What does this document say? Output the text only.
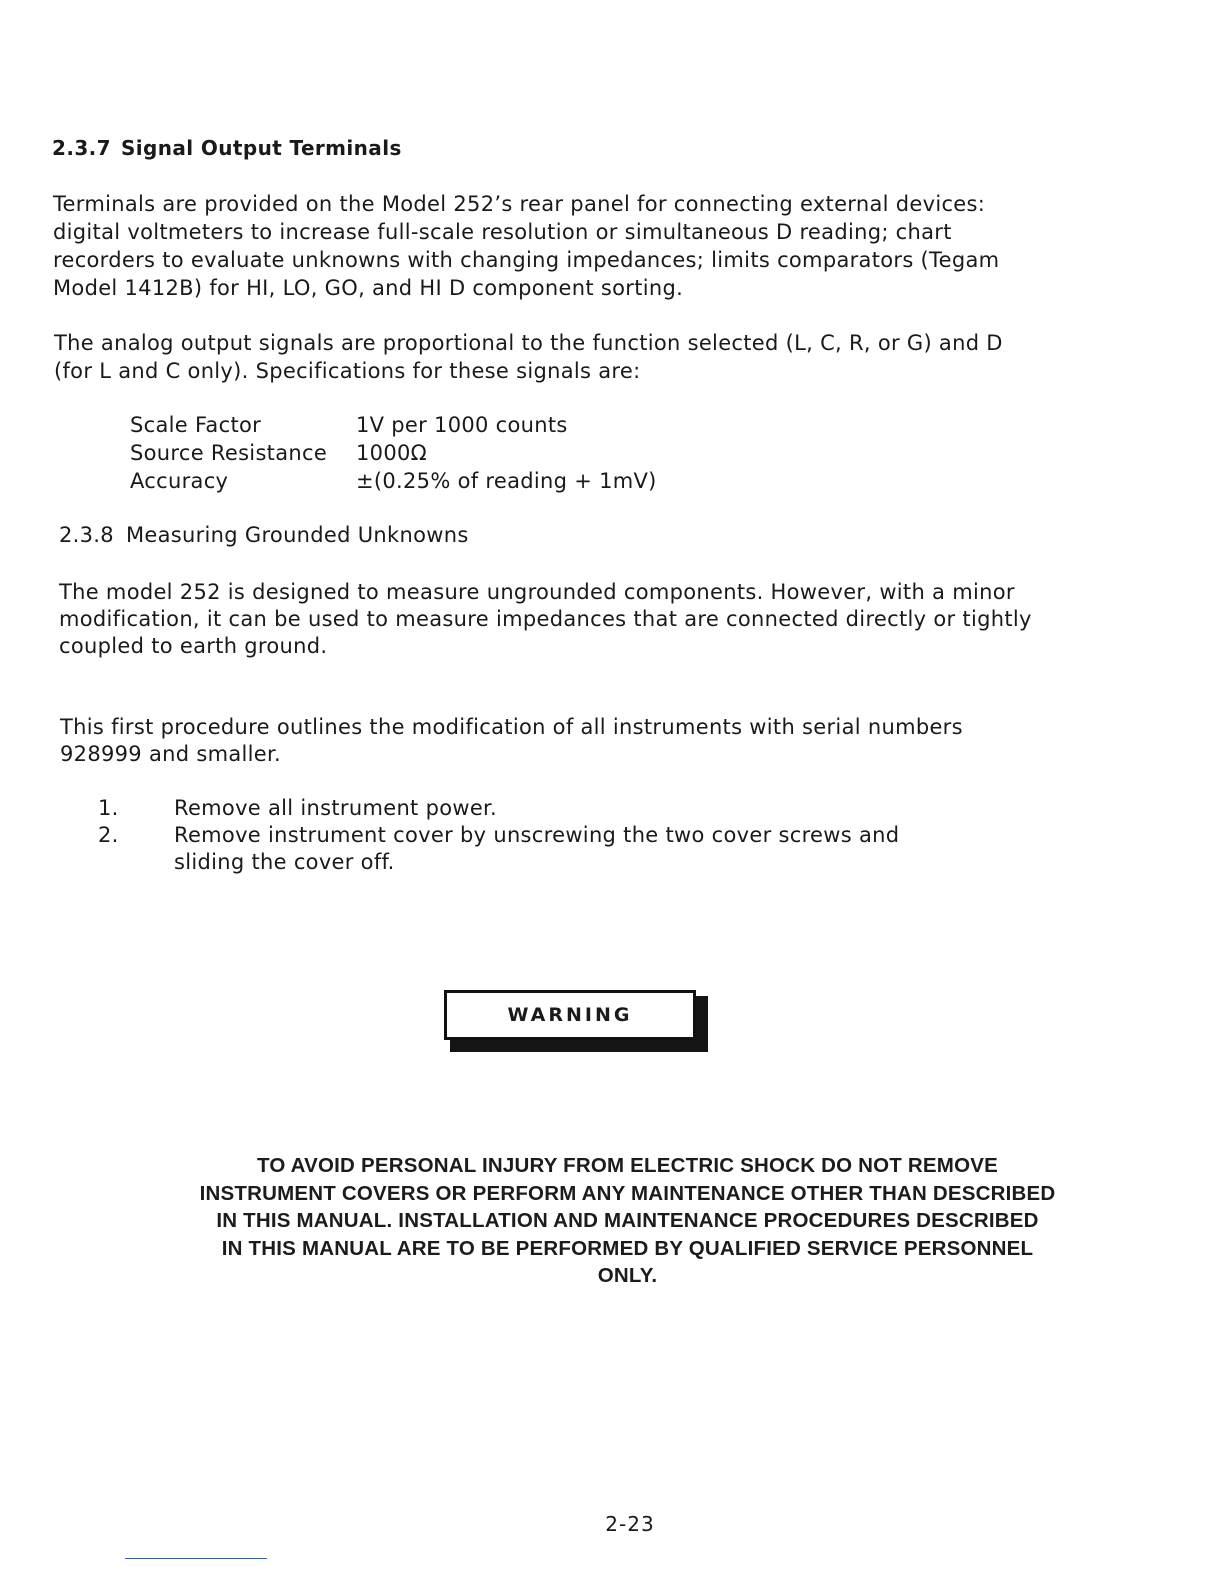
2.3.7 Signal Output Terminals
Terminals are provided on the Model 252’s rear panel for connecting external devices:
digital voltmeters to increase full-scale resolution or simultaneous D reading; chart
recorders to evaluate unknowns with changing impedances; limits comparators (Tegam
Model 1412B) for HI, LO, GO, and HI D component sorting.
The analog output signals are proportional to the function selected (L, C, R, or G) and D
(for L and C only). Specifications for these signals are:
Scale Factor	1V per 1000 counts
Source Resistance 1000Ω
Accuracy	±(0.25% of reading + 1mV)
2.3.8 Measuring Grounded Unknowns
The model 252 is designed to measure ungrounded components. However, with a minor
modification, it can be used to measure impedances that are connected directly or tightly
coupled to earth ground.
This first procedure outlines the modification of all instruments with serial numbers
928999 and smaller.
1.	Remove all instrument power.
2.	Remove instrument cover by unscrewing the two cover screws and
sliding the cover off.
WARNING
TO AVOID PERSONAL INJURY FROM ELECTRIC SHOCK DO NOT REMOVE
INSTRUMENT COVERS OR PERFORM ANY MAINTENANCE OTHER THAN DESCRIBED
IN THIS MANUAL. INSTALLATION AND MAINTENANCE PROCEDURES DESCRIBED
IN THIS MANUAL ARE TO BE PERFORMED BY QUALIFIED SERVICE PERSONNEL
ONLY.
2-23
